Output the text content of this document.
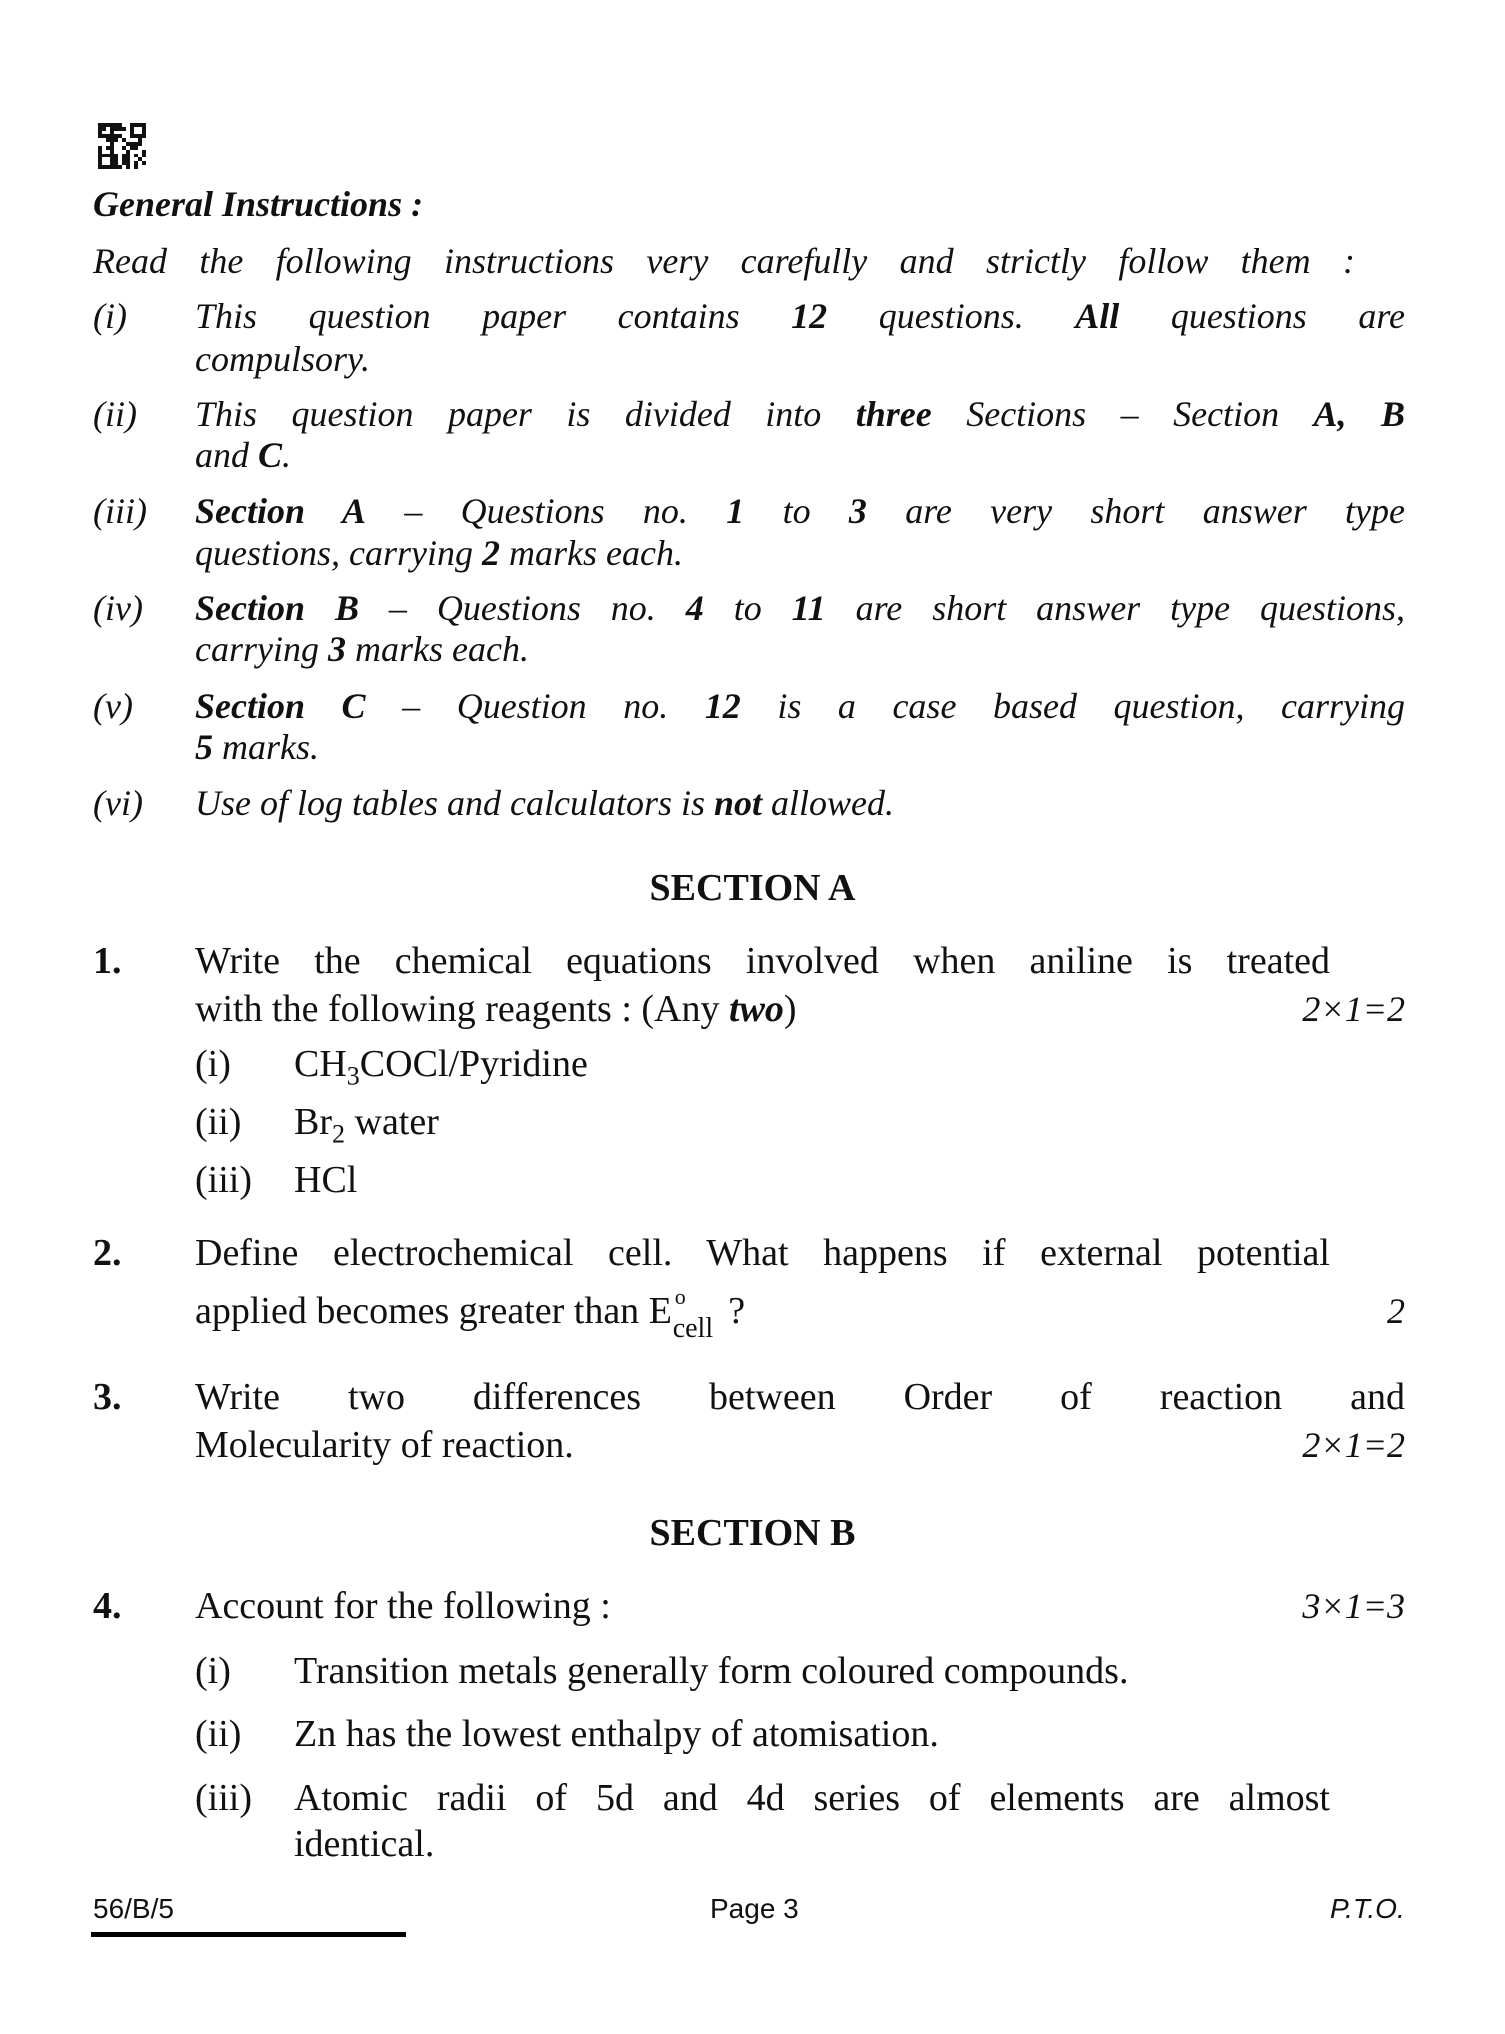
General Instructions :
Read the following instructions very carefully and strictly follow them :
(i) This question paper contains 12 questions. All questions are
compulsory.
(ii) This question paper is divided into three Sections – Section A, B
and C.
(iii) Section A – Questions no. 1 to 3 are very short answer type
questions, carrying 2 marks each.
(iv) Section B – Questions no. 4 to 11 are short answer type questions,
carrying 3 marks each.
(v) Section C – Question no. 12 is a case based question, carrying
5 marks.
(vi) Use of log tables and calculators is not allowed.
SECTION A
1. Write the chemical equations involved when aniline is treated
with the following reagents : (Any two)	2×1=2
(i) $CH_3COCl$/Pyridine
(ii) $Br_2$ water
(iii) HCl
2. Define electrochemical cell. What happens if external potential
applied becomes greater than E o
cell ?	2
3. Write two differences between Order of reaction and
Molecularity of reaction.	2×1=2
SECTION B
4. Account for the following :	3×1=3
(i) Transition metals generally form coloured compounds.
(ii) Zn has the lowest enthalpy of atomisation.
(iii) Atomic radii of 5d and 4d series of elements are almost
identical.
56/B/5	Page 3	P.T.O.
